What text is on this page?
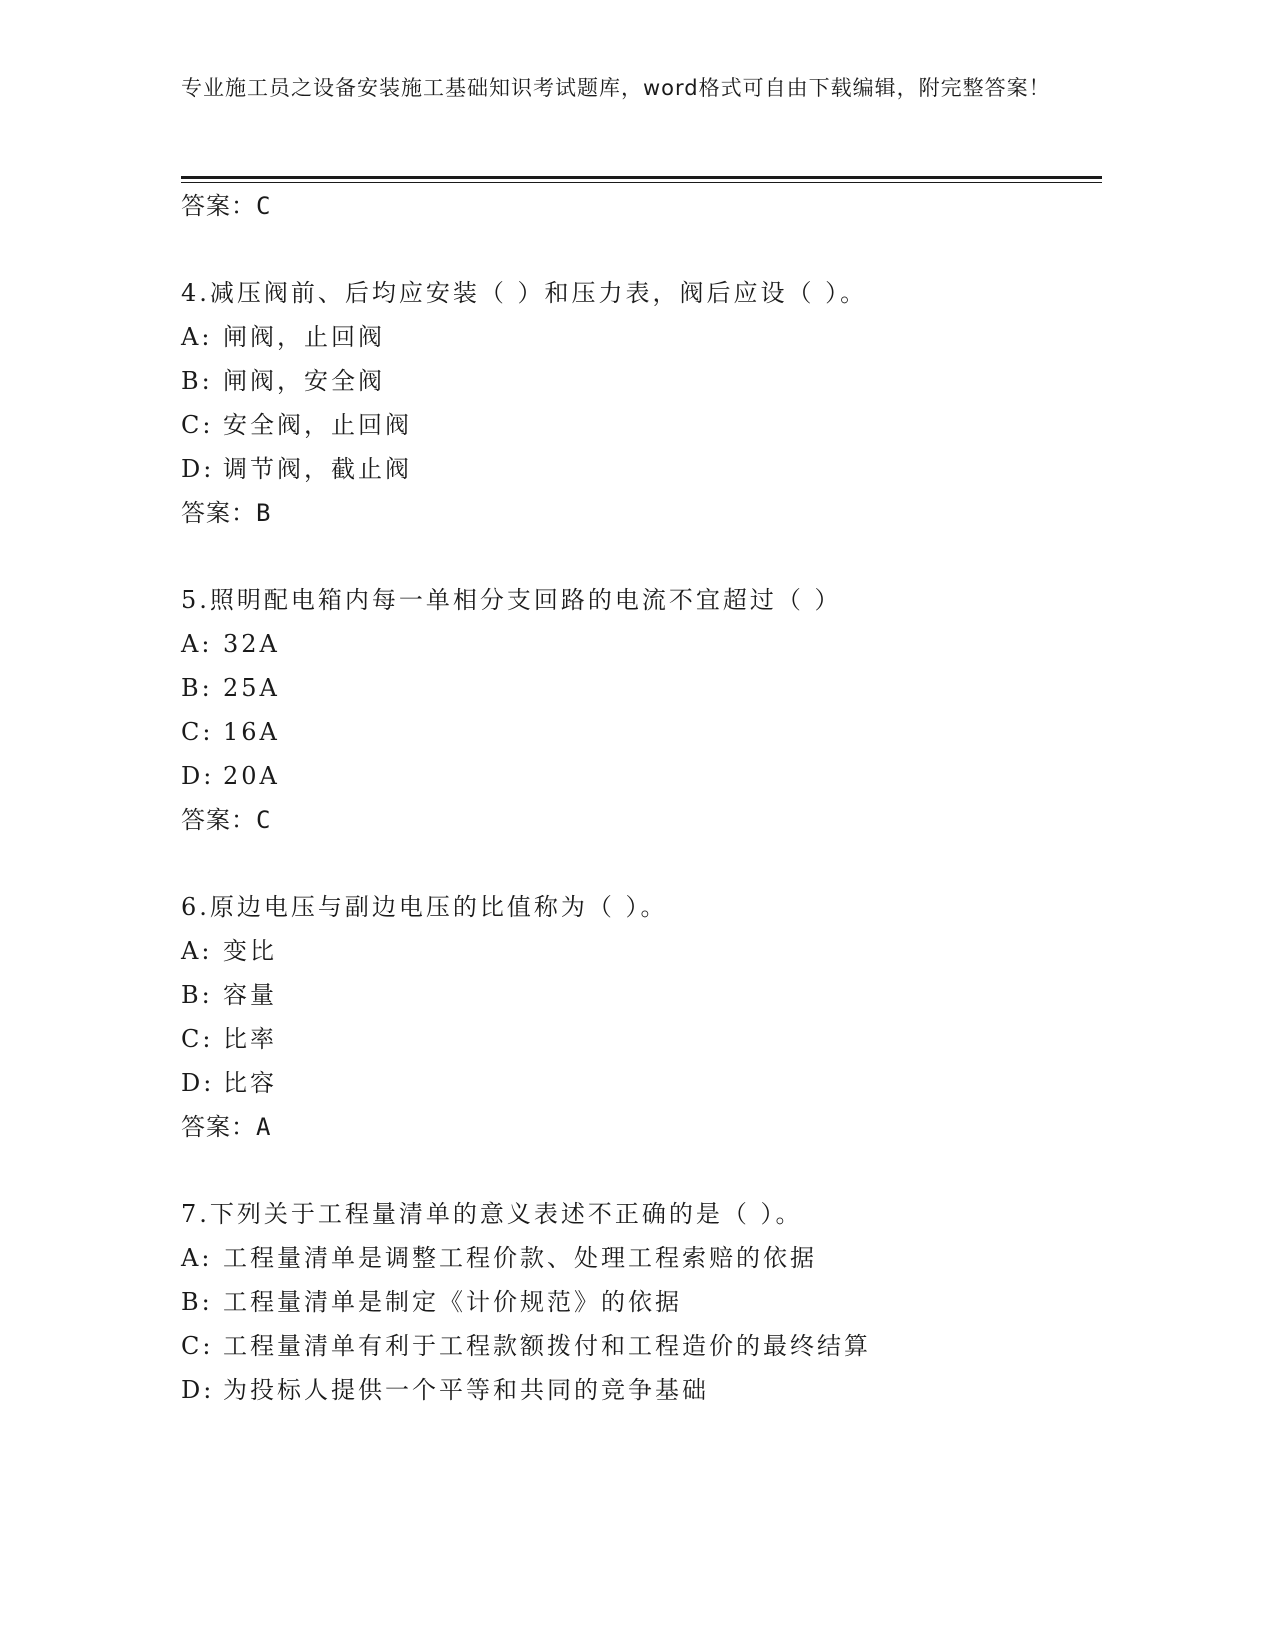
专业施工员之设备安装施工基础知识考试题库，word格式可自由下载编辑，附完整答案！
答案：C
4.减压阀前、后均应安装（ ）和压力表，阀后应设（ ）。
A: 闸阀，止回阀
B: 闸阀，安全阀
C: 安全阀，止回阀
D: 调节阀，截止阀
答案：B
5.照明配电箱内每一单相分支回路的电流不宜超过（ ）
A: 32A
B: 25A
C: 16A
D: 20A
答案：C
6.原边电压与副边电压的比值称为（ ）。
A: 变比
B: 容量
C: 比率
D: 比容
答案：A
7.下列关于工程量清单的意义表述不正确的是（ ）。
A: 工程量清单是调整工程价款、处理工程索赔的依据
B: 工程量清单是制定《计价规范》的依据
C: 工程量清单有利于工程款额拨付和工程造价的最终结算
D: 为投标人提供一个平等和共同的竞争基础
